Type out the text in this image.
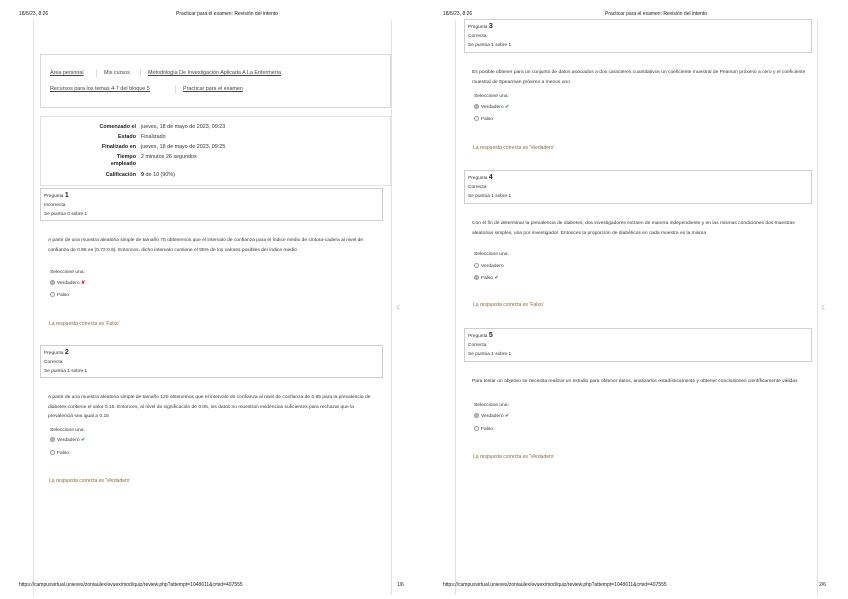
18/5/23, 8:26	Practicar para el examen: Revisión del intento
Área personal	Mis cursos	Metodología De Investigación Aplicada A La Enfermería
Recursos para los temas 4-7 del bloque 5	Practicar para el examen
Comenzado el jueves, 18 de mayo de 2023, 09:23
Estado Finalizado
Finalizado en jueves, 18 de mayo de 2023, 09:25
Tiempo empleado
2 minutos 26 segundos
Calificación 9 de 10 (90%)
Pregunta 1
Incorrecta
Se puntúa 0 sobre 1
A partir de una muestra aleatoria simple de tamaño 75 obtenemos que el intervalo de confianza para el índice medio de cintura-cadera al nivel de confianza de 0.95 es (0.72:0.9). Entonces, dicho intervalo contiene el 95% de los valores posibles del índice medio
Seleccione una:
Verdadero ✘
Falso
La respuesta correcta es 'Falso'
Pregunta 2
Correcta
Se puntúa 1 sobre 1
A partir de una muestra aleatoria simple de tamaño 120 obtenemos que el intervalo de confianza al nivel de confianza de 0.95 para la prevalencia de diabetes contiene el valor 0.15. Entonces, al nivel de significación de 0.05, los datos no muestran evidencias suficientes para rechazar que la prevalencia sea igual a 0.15
Seleccione una:
Verdadero ✔
Falso
La respuesta correcta es 'Verdadero'
‹
https://campusvirtual.uniexes/zoniaulex/evuex/mod/quiz/review.php?attempt=1048611&cmid=407555	1/6
18/5/23, 8:26	Practicar para el examen: Revisión del intento
Pregunta 3
Correcta
Se puntúa 1 sobre 1
Es posible obtener para un conjunto de datos asociados a dos caracteres cuantitativos un coeficiente muestral de Pearson próximo a cero y el coeficiente muestral de Spearman próximo a menos uno
Seleccione una:
Verdadero ✔
Falso
La respuesta correcta es 'Verdadero'
Pregunta 4
Correcta
Se puntúa 1 sobre 1
Con el fin de determinar la prevalencia de diabetes, dos investigadores extraen de manera independiente y en las mismas condiciones dos muestras aleatorias simples, una por investigador. Entonces la proporción de diabéticos en cada muestra es la misma
Seleccione una:
Verdadero
Falso ✔
La respuesta correcta es 'Falso'
Pregunta 5
Correcta
Se puntúa 1 sobre 1
Para testar un objetivo se necesita realizar un estudio para obtener datos, analizarlos estadísticamente y obtener conclusiones científicamente válidas
Seleccione una:
Verdadero ✔
Falso
La respuesta correcta es 'Verdadero'
‹
https://campusvirtual.uniexes/zoniaulex/evuex/mod/quiz/review.php?attempt=1048611&cmid=407555	2/6
